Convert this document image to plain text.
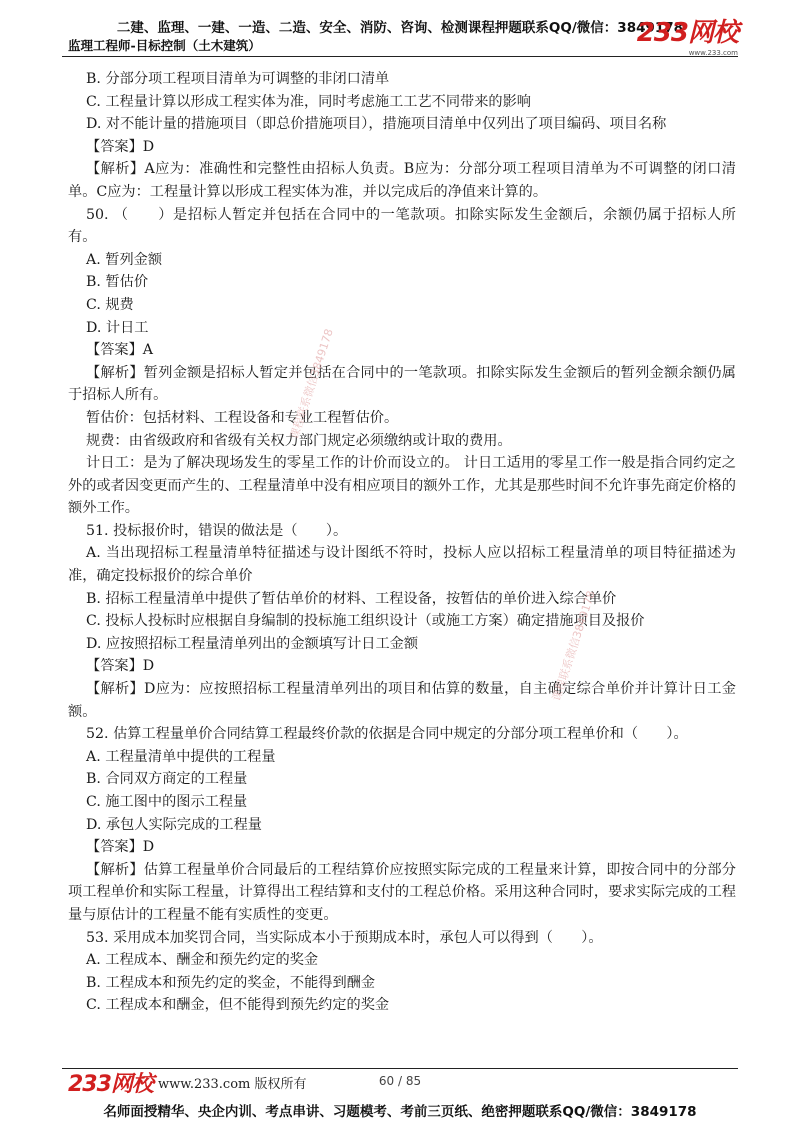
二建、监理、一建、一造、二造、安全、消防、咨询、检测课程押题联系QQ/微信：3849178
监理工程师-目标控制（土木建筑）	233网校
www.233.com

B. 分部分项工程项目清单为可调整的非闭口清单

C. 工程量计算以形成工程实体为准，同时考虑施工工艺不同带来的影响

D. 对不能计量的措施项目（即总价措施项目），措施项目清单中仅列出了项目编码、项目名称

【答案】D

【解析】A应为：准确性和完整性由招标人负责。B应为：分部分项工程项目清单为不可调整的闭口清单。C应为：工程量计算以形成工程实体为准，并以完成后的净值来计算的。

50. （　　）是招标人暂定并包括在合同中的一笔款项。扣除实际发生金额后，余额仍属于招标人所有。

A. 暂列金额

B. 暂估价

C. 规费

D. 计日工

【答案】A

【解析】暂列金额是招标人暂定并包括在合同中的一笔款项。扣除实际发生金额后的暂列金额余额仍属于招标人所有。

暂估价：包括材料、工程设备和专业工程暂估价。

规费：由省级政府和省级有关权力部门规定必须缴纳或计取的费用。

计日工：是为了解决现场发生的零星工作的计价而设立的。 计日工适用的零星工作一般是指合同约定之外的或者因变更而产生的、工程量清单中没有相应项目的额外工作，尤其是那些时间不允许事先商定价格的额外工作。

51. 投标报价时，错误的做法是（　　）。

A. 当出现招标工程量清单特征描述与设计图纸不符时，投标人应以招标工程量清单的项目特征描述为准，确定投标报价的综合单价

B. 招标工程量清单中提供了暂估单价的材料、工程设备，按暂估的单价进入综合单价

C. 投标人投标时应根据自身编制的投标施工组织设计（或施工方案）确定措施项目及报价

D. 应按照招标工程量清单列出的金额填写计日工金额

【答案】D

【解析】D应为：应按照招标工程量清单列出的项目和估算的数量，自主确定综合单价并计算计日工金额。

52. 估算工程量单价合同结算工程最终价款的依据是合同中规定的分部分项工程单价和（　　）。

A. 工程量清单中提供的工程量

B. 合同双方商定的工程量

C. 施工图中的图示工程量

D. 承包人实际完成的工程量

【答案】D

【解析】估算工程量单价合同最后的工程结算价应按照实际完成的工程量来计算，即按合同中的分部分项工程单价和实际工程量，计算得出工程结算和支付的工程总价格。采用这种合同时，要求实际完成的工程量与原估计的工程量不能有实质性的变更。

53. 采用成本加奖罚合同，当实际成本小于预期成本时，承包人可以得到（　　）。

A. 工程成本、酬金和预先约定的奖金

B. 工程成本和预先约定的奖金，不能得到酬金

C. 工程成本和酬金，但不能得到预先约定的奖金

课程联系微信3849178
课程联系微信3849178
233网校 www.233.com 版权所有	60 / 85
名师面授精华、央企内训、考点串讲、习题模考、考前三页纸、绝密押题联系QQ/微信：3849178
